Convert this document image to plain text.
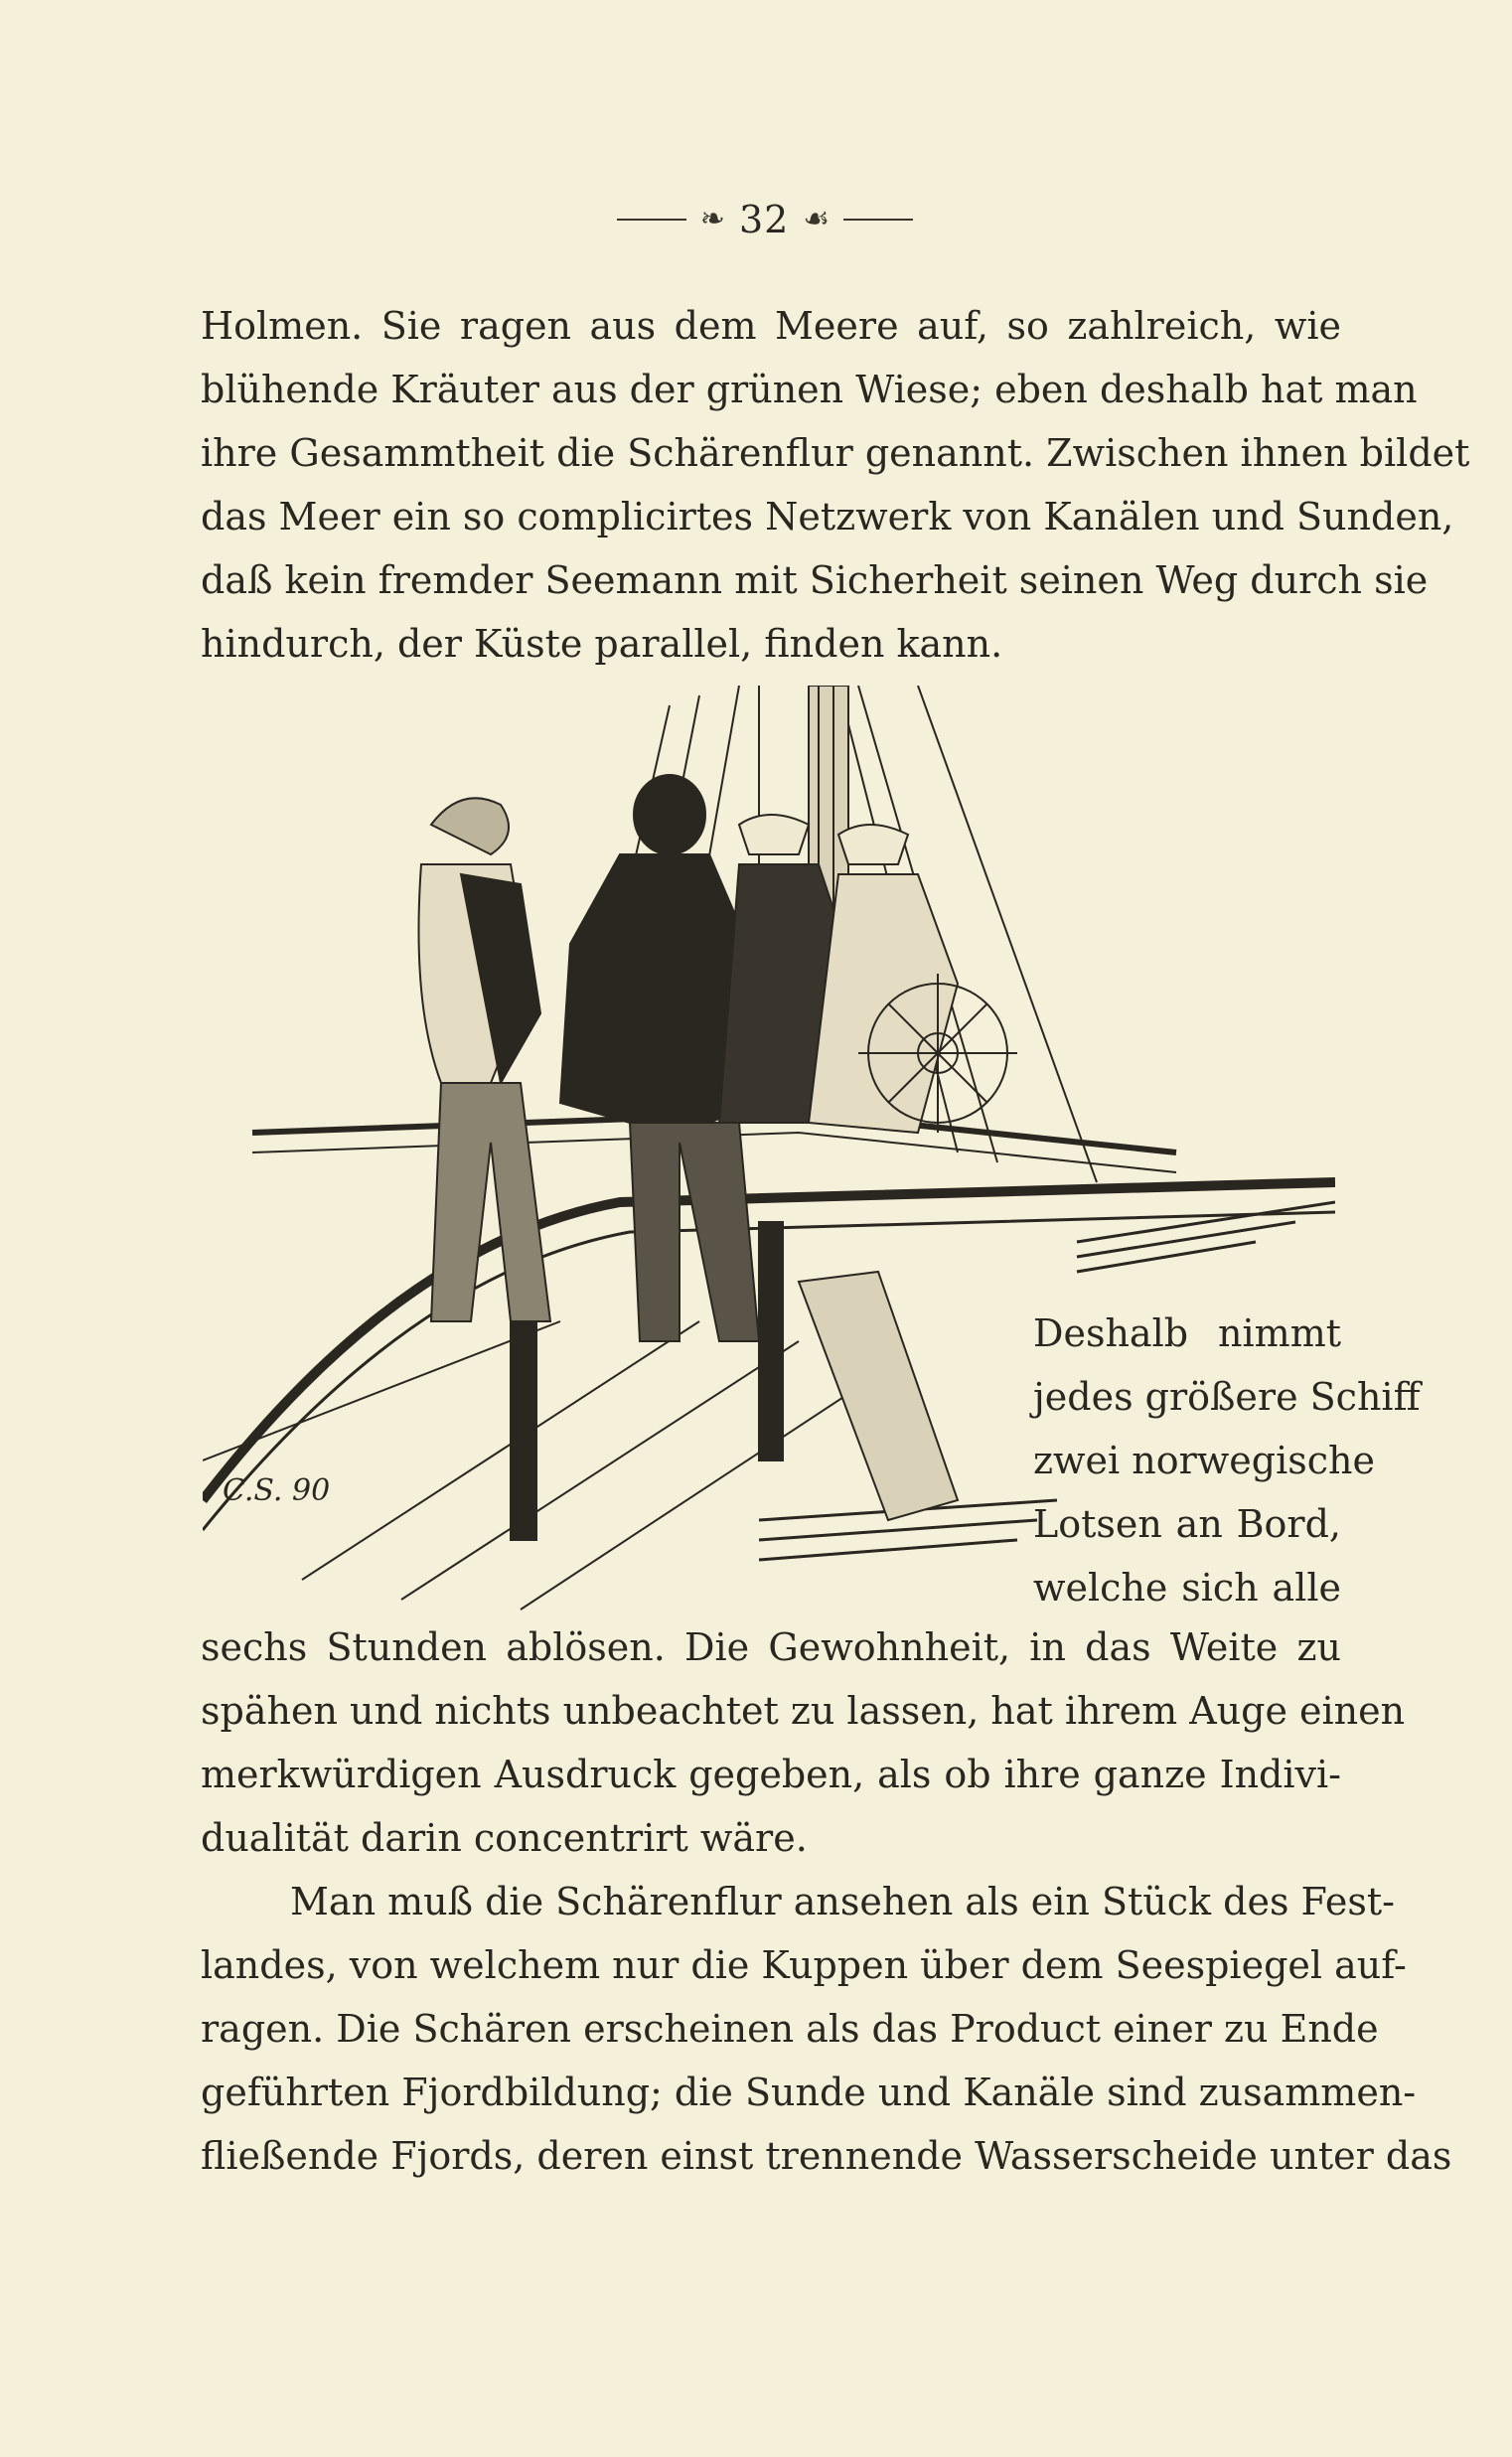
❧ 32 ☙
Holmen. Sie ragen aus dem Meere auf, so zahlreich, wie
blühende Kräuter aus der grünen Wiese; eben deshalb hat man
ihre Gesammtheit die Schärenflur genannt. Zwischen ihnen bildet
das Meer ein so complicirtes Netzwerk von Kanälen und Sunden,
daß kein fremder Seemann mit Sicherheit seinen Weg durch sie
hindurch, der Küste parallel, finden kann.
C.S. 90
Deshalb nimmt
jedes größere Schiff
zwei norwegische
Lotsen an Bord,
welche sich alle
sechs Stunden ablösen. Die Gewohnheit, in das Weite zu
spähen und nichts unbeachtet zu lassen, hat ihrem Auge einen
merkwürdigen Ausdruck gegeben, als ob ihre ganze Indivi-
dualität darin concentrirt wäre.
Man muß die Schärenflur ansehen als ein Stück des Fest-
landes, von welchem nur die Kuppen über dem Seespiegel auf-
ragen. Die Schären erscheinen als das Product einer zu Ende
geführten Fjordbildung; die Sunde und Kanäle sind zusammen-
fließende Fjords, deren einst trennende Wasserscheide unter das
